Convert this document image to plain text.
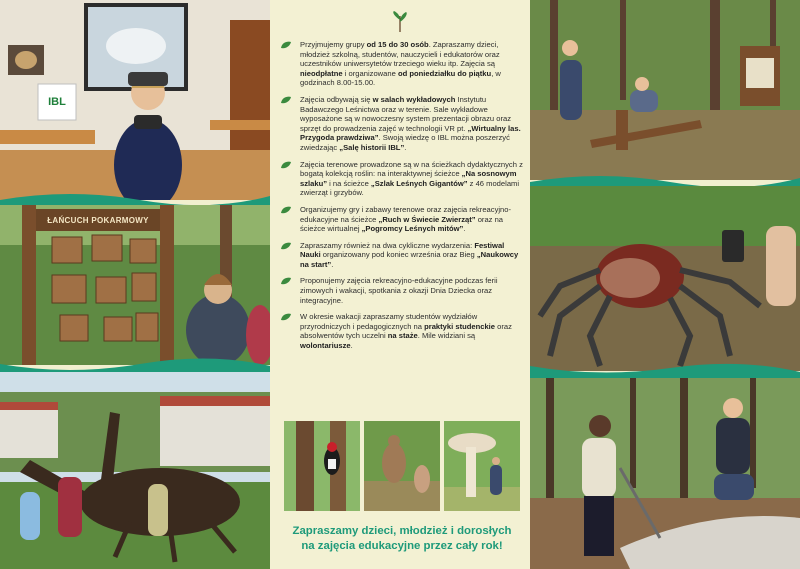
IBL
ŁAŃCUCH POKARMOWY
Przyjmujemy grupy od 15 do 30 osób. Zapraszamy dzieci, młodzież szkolną, studentów, nauczycieli i edukatorów oraz uczestników uniwersytetów trzeciego wieku itp. Zajęcia są nieodpłatne i organizowane od poniedziałku do piątku, w godzinach 8.00-15.00.
Zajęcia odbywają się w salach wykładowych Instytutu Badawczego Leśnictwa oraz w terenie. Sale wykładowe wyposażone są w nowoczesny system prezentacji obrazu oraz sprzęt do prowadzenia zajęć w technologii VR pt. „Wirtualny las. Przygoda prawdziwa”. Swoją wiedzę o IBL można poszerzyć zwiedzając „Salę historii IBL”.
Zajęcia terenowe prowadzone są w na ścieżkach dydaktycznych z bogatą kolekcją roślin: na interaktywnej ścieżce „Na sosnowym szlaku” i na ścieżce „Szlak Leśnych Gigantów” z 46 modelami zwierząt i grzybów.
Organizujemy gry i zabawy terenowe oraz zajęcia rekreacyjno-edukacyjne na ścieżce „Ruch w Świecie Zwierząt” oraz na ścieżce wirtualnej „Pogromcy Leśnych mitów”.
Zapraszamy również na dwa cykliczne wydarzenia: Festiwal Nauki organizowany pod koniec września oraz Bieg „Naukowcy na start”.
Proponujemy zajęcia rekreacyjno-edukacyjne podczas ferii zimowych i wakacji, spotkania z okazji Dnia Dziecka oraz integracyjne.
W okresie wakacji zapraszamy studentów wydziałów przyrodniczych i pedagogicznych na praktyki studenckie oraz absolwentów tych uczelni na staże. Mile widziani są wolontariusze.
Zapraszamy dzieci, młodzież i dorosłych
na zajęcia edukacyjne przez cały rok!
